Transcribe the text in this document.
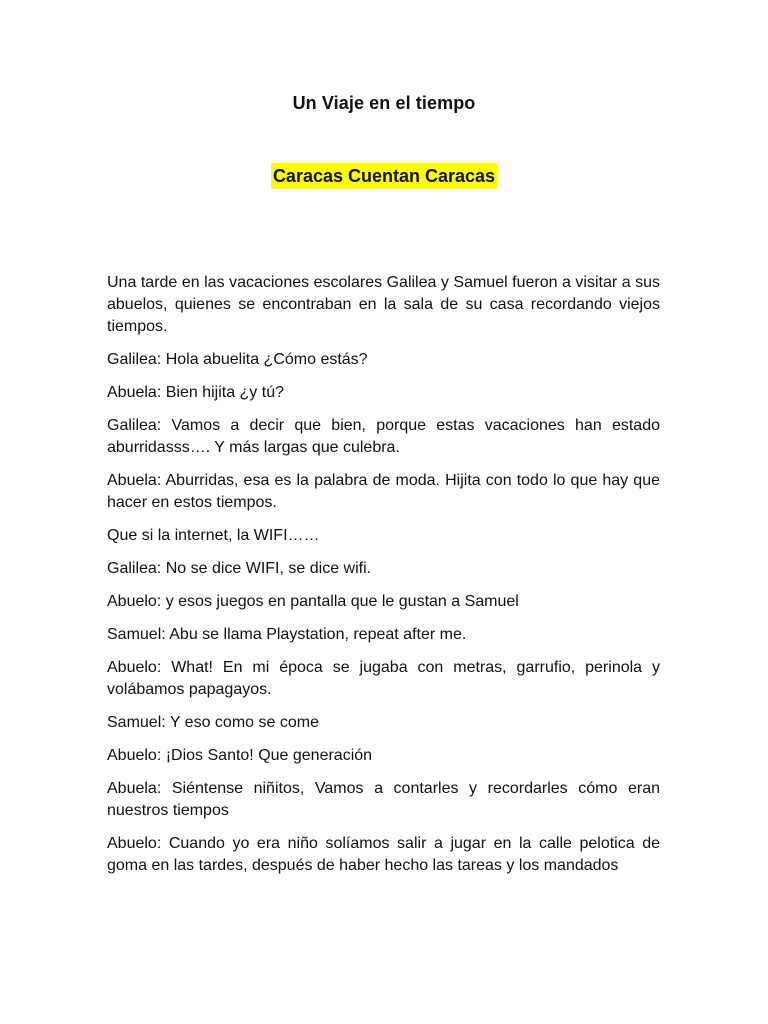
Un Viaje en el tiempo
Caracas Cuentan Caracas

Una tarde en las vacaciones escolares Galilea y Samuel fueron a visitar a sus abuelos, quienes se encontraban en la sala de su casa recordando viejos tiempos.

Galilea: Hola abuelita ¿Cómo estás?

Abuela: Bien hijita ¿y tú?

Galilea: Vamos a decir que bien, porque estas vacaciones han estado aburridasss…. Y más largas que culebra.

Abuela: Aburridas, esa es la palabra de moda. Hijita con todo lo que hay que hacer en estos tiempos.

Que si la internet, la WIFI……

Galilea: No se dice WIFI, se dice wifi.

Abuelo: y esos juegos en pantalla que le gustan a Samuel

Samuel: Abu se llama Playstation, repeat after me.

Abuelo: What! En mi época se jugaba con metras, garrufio, perinola y volábamos papagayos.

Samuel: Y eso como se come

Abuelo: ¡Dios Santo! Que generación

Abuela: Siéntense niñitos, Vamos a contarles y recordarles cómo eran nuestros tiempos

Abuelo: Cuando yo era niño solíamos salir a jugar en la calle pelotica de goma en las tardes, después de haber hecho las tareas y los mandados
